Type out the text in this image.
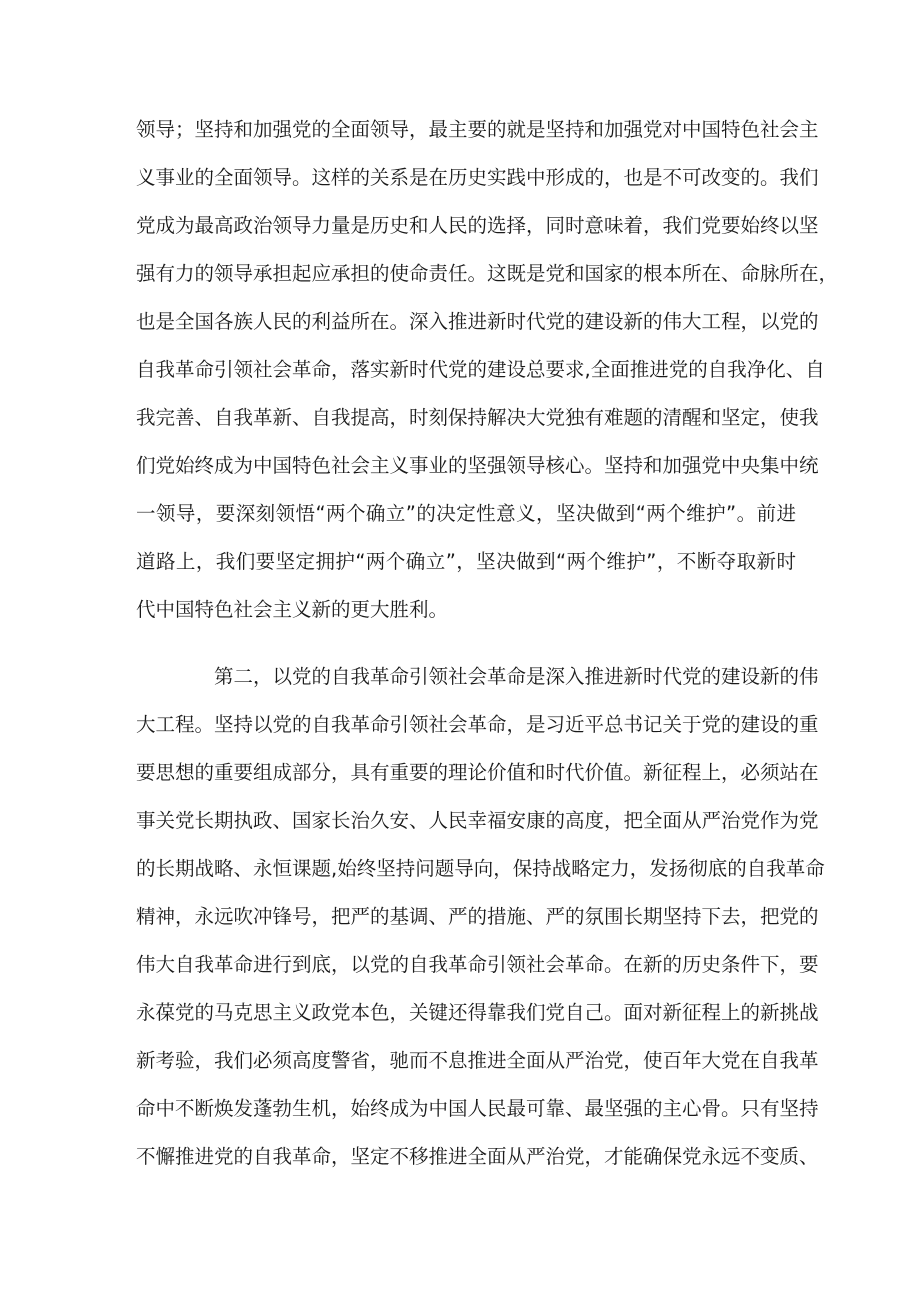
领导；坚持和加强党的全面领导，最主要的就是坚持和加强党对中国特色社会主
义事业的全面领导。这样的关系是在历史实践中形成的，也是不可改变的。我们
党成为最高政治领导力量是历史和人民的选择，同时意味着，我们党要始终以坚
强有力的领导承担起应承担的使命责任。这既是党和国家的根本所在、命脉所在，
也是全国各族人民的利益所在。深入推进新时代党的建设新的伟大工程，以党的
自我革命引领社会革命，落实新时代党的建设总要求,全面推进党的自我净化、自
我完善、自我革新、自我提高，时刻保持解决大党独有难题的清醒和坚定，使我
们党始终成为中国特色社会主义事业的坚强领导核心。坚持和加强党中央集中统
一领导，要深刻领悟“两个确立”的决定性意义，坚决做到“两个维护”。前进
道路上，我们要坚定拥护“两个确立”，坚决做到“两个维护”，不断夺取新时
代中国特色社会主义新的更大胜利。
第二，以党的自我革命引领社会革命是深入推进新时代党的建设新的伟
大工程。坚持以党的自我革命引领社会革命，是习近平总书记关于党的建设的重
要思想的重要组成部分，具有重要的理论价值和时代价值。新征程上，必须站在
事关党长期执政、国家长治久安、人民幸福安康的高度，把全面从严治党作为党
的长期战略、永恒课题,始终坚持问题导向，保持战略定力，发扬彻底的自我革命
精神，永远吹冲锋号，把严的基调、严的措施、严的氛围长期坚持下去，把党的
伟大自我革命进行到底，以党的自我革命引领社会革命。在新的历史条件下，要
永葆党的马克思主义政党本色，关键还得靠我们党自己。面对新征程上的新挑战
新考验，我们必须高度警省，驰而不息推进全面从严治党，使百年大党在自我革
命中不断焕发蓬勃生机，始终成为中国人民最可靠、最坚强的主心骨。只有坚持
不懈推进党的自我革命，坚定不移推进全面从严治党，才能确保党永远不变质、
